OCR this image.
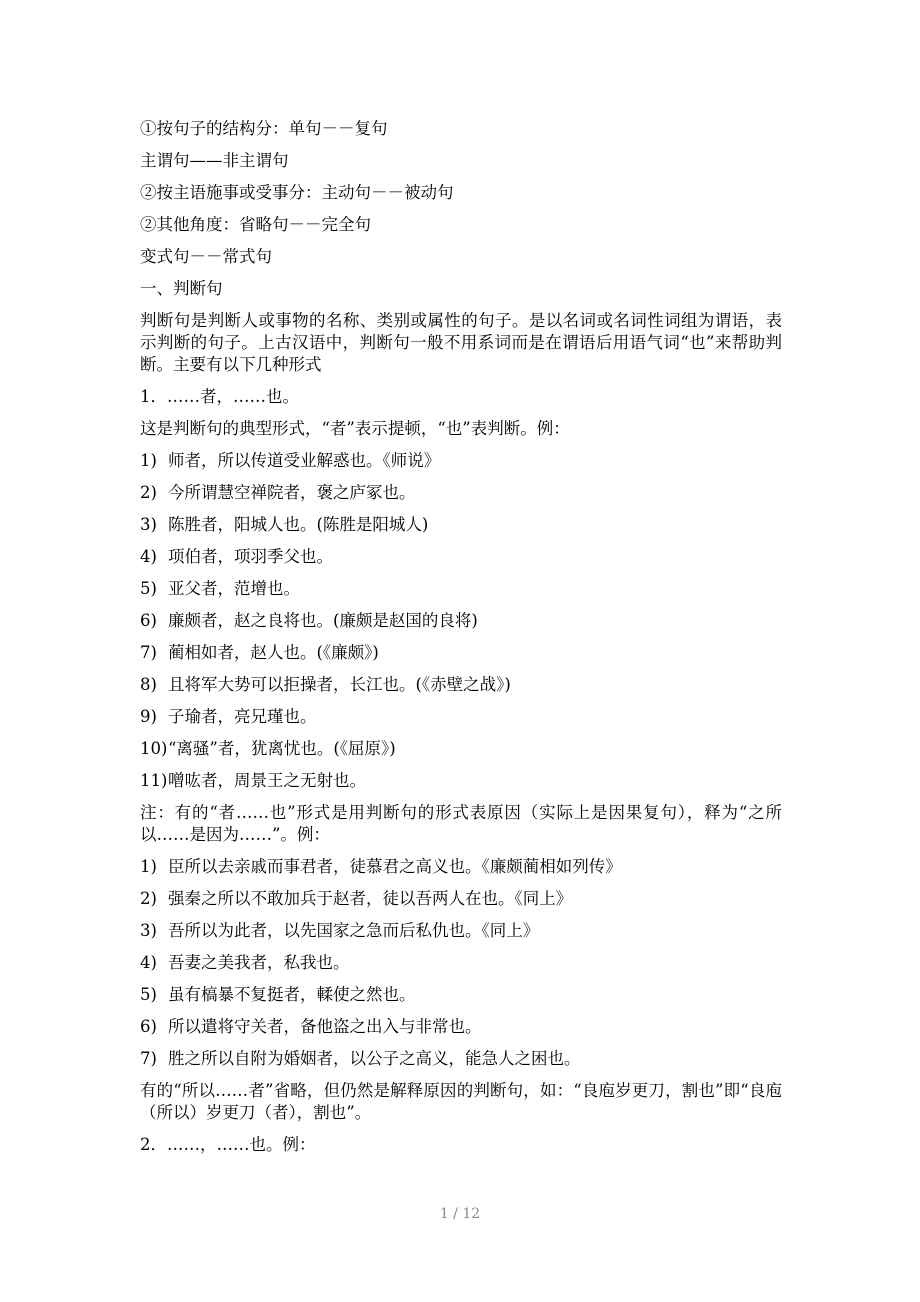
①按句子的结构分：单句－－复句
主谓句——非主谓句
②按主语施事或受事分：主动句－－被动句
②其他角度：省略句－－完全句
变式句－－常式句
一、判断句

判断句是判断人或事物的名称、类别或属性的句子。是以名词或名词性词组为谓语，表示判断的句子。上古汉语中，判断句一般不用系词而是在谓语后用语气词“也”来帮助判断。主要有以下几种形式

1．……者，……也。
这是判断句的典型形式，“者”表示提顿，“也”表判断。例：
1) 师者，所以传道受业解惑也。《师说》
2) 今所谓慧空禅院者，褒之庐冢也。
3) 陈胜者，阳城人也。(陈胜是阳城人)
4) 项伯者，项羽季父也。
5) 亚父者，范增也。
6) 廉颇者，赵之良将也。(廉颇是赵国的良将)
7) 蔺相如者，赵人也。(《廉颇》)
8) 且将军大势可以拒操者，长江也。(《赤壁之战》)
9) 子瑜者，亮兄瑾也。
10) “离骚”者，犹离忧也。(《屈原》)
11) 噌吰者，周景王之无射也。

注：有的“者……也”形式是用判断句的形式表原因（实际上是因果复句），释为“之所以……是因为……”。例：

1) 臣所以去亲戚而事君者，徒慕君之高义也。《廉颇蔺相如列传》
2) 强秦之所以不敢加兵于赵者，徒以吾两人在也。《同上》
3) 吾所以为此者，以先国家之急而后私仇也。《同上》
4) 吾妻之美我者，私我也。
5) 虽有槁暴不复挺者，輮使之然也。
6) 所以遣将守关者，备他盗之出入与非常也。
7) 胜之所以自附为婚姻者，以公子之高义，能急人之困也。

有的“所以……者”省略，但仍然是解释原因的判断句，如：“良庖岁更刀，割也”即“良庖（所以）岁更刀（者），割也”。

2．……，……也。例：
1 / 12
